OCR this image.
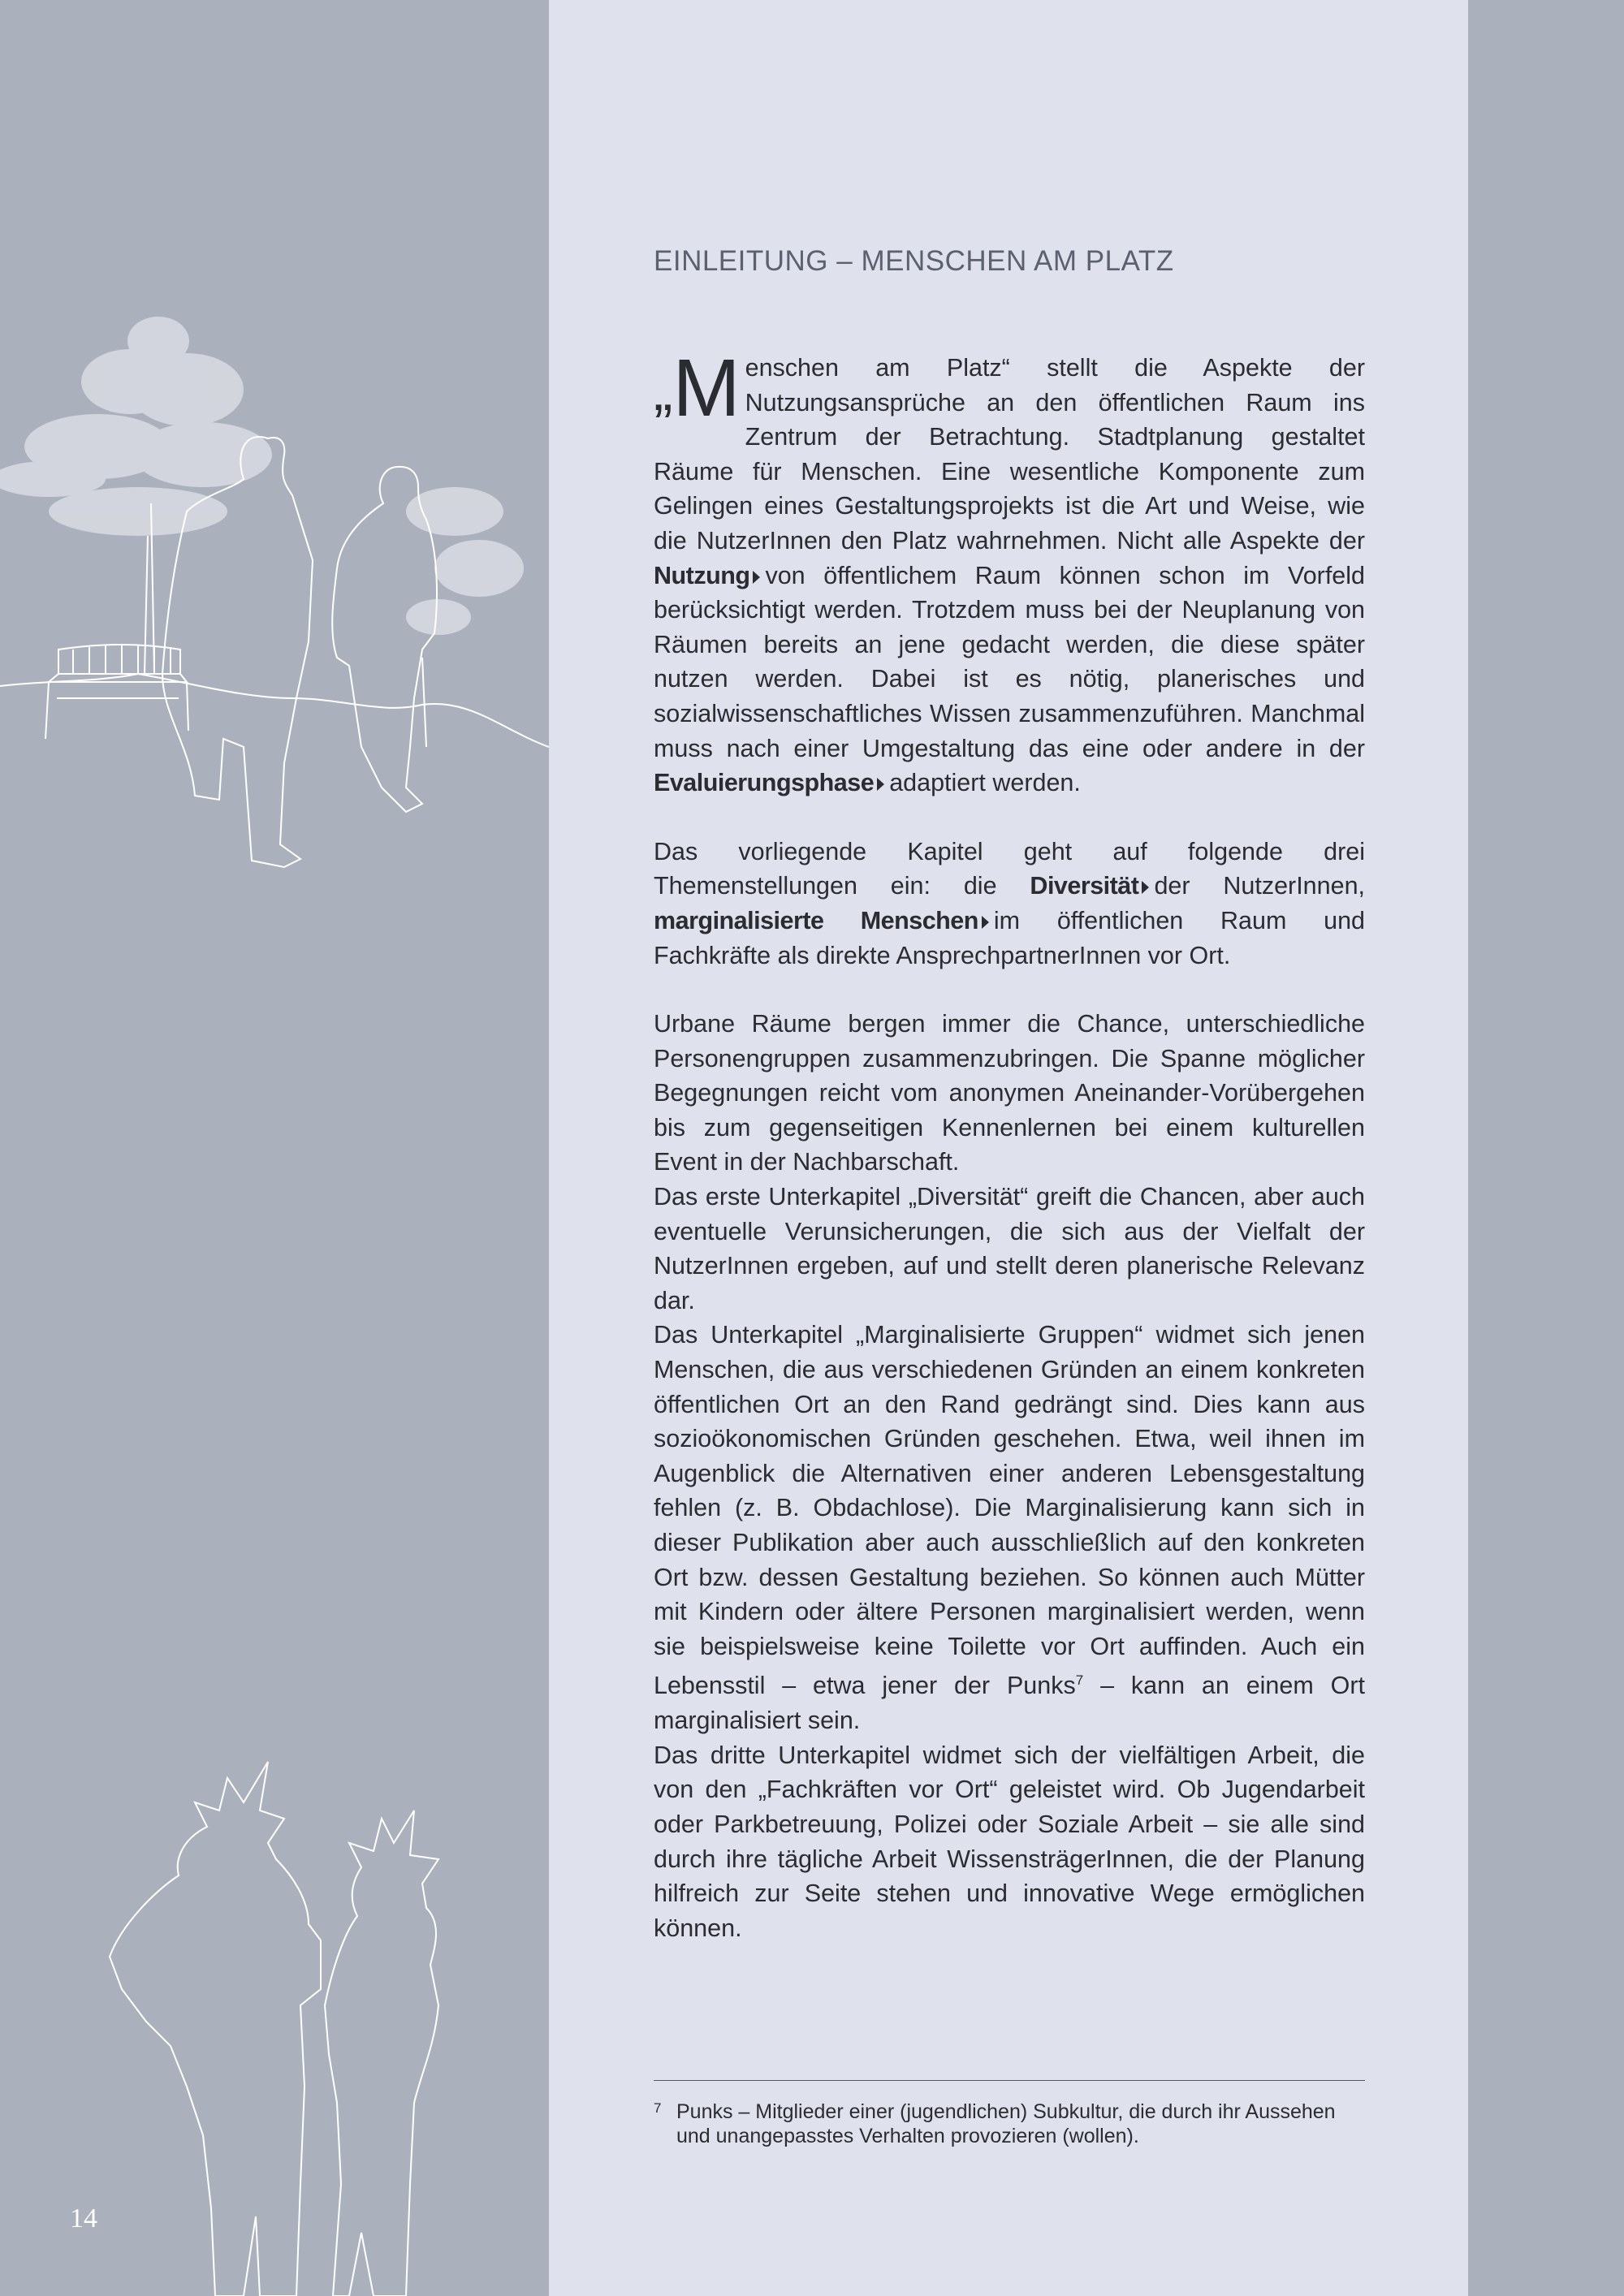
14
EINLEITUNG – MENSCHEN AM PLATZ

„ M enschen am Platz“ stellt die Aspekte der Nutzungsansprüche an den öffentlichen Raum ins Zentrum der Betrachtung. Stadtplanung gestaltet Räume für Menschen. Eine wesentliche Komponente zum Gelingen eines Gestaltungsprojekts ist die Art und Weise, wie die NutzerInnen den Platz wahrnehmen. Nicht alle Aspekte der Nutzung von öffentlichem Raum können schon im Vorfeld berücksichtigt werden. Trotzdem muss bei der Neuplanung von Räumen bereits an jene gedacht werden, die diese später nutzen werden. Dabei ist es nötig, planerisches und sozialwissenschaftliches Wissen zusammenzuführen. Manchmal muss nach einer Umgestaltung das eine oder andere in der Evaluierungsphase adaptiert werden.

Das vorliegende Kapitel geht auf folgende drei Themenstellungen ein: die Diversität der NutzerInnen, marginalisierte Menschen im öffentlichen Raum und Fachkräfte als direkte AnsprechpartnerInnen vor Ort.

Urbane Räume bergen immer die Chance, unterschiedliche Personengruppen zusammenzubringen. Die Spanne möglicher Begegnungen reicht vom anonymen Aneinander-Vorübergehen bis zum gegenseitigen Kennenlernen bei einem kulturellen Event in der Nachbarschaft.

Das erste Unterkapitel „Diversität“ greift die Chancen, aber auch eventuelle Verunsicherungen, die sich aus der Vielfalt der NutzerInnen ergeben, auf und stellt deren planerische Relevanz dar.

Das Unterkapitel „Marginalisierte Gruppen“ widmet sich jenen Menschen, die aus verschiedenen Gründen an einem konkreten öffentlichen Ort an den Rand gedrängt sind. Dies kann aus sozioökonomischen Gründen geschehen. Etwa, weil ihnen im Augenblick die Alternativen einer anderen Lebensgestaltung fehlen (z. B. Obdachlose). Die Marginalisierung kann sich in dieser Publikation aber auch ausschließlich auf den konkreten Ort bzw. dessen Gestaltung beziehen. So können auch Mütter mit Kindern oder ältere Personen marginalisiert werden, wenn sie beispielsweise keine Toilette vor Ort auffinden. Auch ein Lebensstil – etwa jener der Punks$^7$ – kann an einem Ort marginalisiert sein.

Das dritte Unterkapitel widmet sich der vielfältigen Arbeit, die von den „Fachkräften vor Ort“ geleistet wird. Ob Jugendarbeit oder Parkbetreuung, Polizei oder Soziale Arbeit – sie alle sind durch ihre tägliche Arbeit WissensträgerInnen, die der Planung hilfreich zur Seite stehen und innovative Wege ermöglichen können.

7 Punks – Mitglieder einer (jugendlichen) Subkultur, die durch ihr Aussehen und unangepasstes Verhalten provozieren (wollen).
